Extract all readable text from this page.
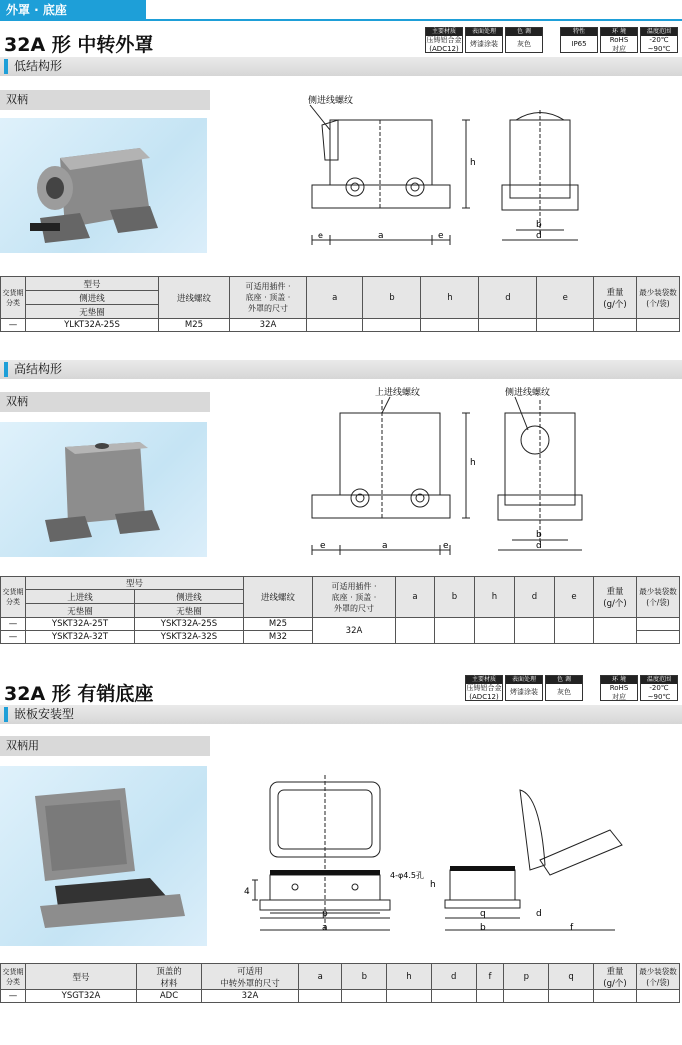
外罩 · 底座
32A 形 中转外罩
主要材质
压铸铝合金
(ADC12)
表面处理
烤漆涂装
色 调
灰色
特性
IP65
环 境
RoHS
对应
温度范围
-20℃
~90℃
低结构形
双柄	侧进线螺纹
e	a	e
h
b
d
交货期
分类	型号	进线螺纹	可适用插件 ·
底座 · 顶盖 ·
外罩的尺寸	a	b	h	d	e	重量
(g/个)	最少装袋数
(个/袋)
	侧进线									
	无垫圈									
—	YLKT32A-25S	M25	32A							
高结构形
双柄
上进线螺纹	侧进线螺纹
e	a	e
h
b
d
交货期
分类	型号		进线螺纹	可适用插件 ·
底座 · 顶盖 ·
外罩的尺寸	a	b	h	d	e	重量
(g/个)	最少装袋数
(个/袋)
	上进线	侧进线									
	无垫圈	无垫圈									
—	YSKT32A-25T	YSKT32A-25S	M25	32A							
—	YSKT32A-32T	YSKT32A-32S	M32								
32A 形 有销底座
主要材质
压铸铝合金
(ADC12)
表面处理
烤漆涂装
色 调
灰色
环 境
RoHS
对应
温度范围
-20℃
~90℃
嵌板安装型
双柄用
4-φ4.5孔
4
p
a
h
q
b
d
f
交货期
分类	型号	顶盖的
材料	可适用
中转外罩的尺寸	a	b	h	d	f	p	q	重量
(g/个)	最少装袋数
(个/袋)
—	YSGT32A	ADC	32A									
